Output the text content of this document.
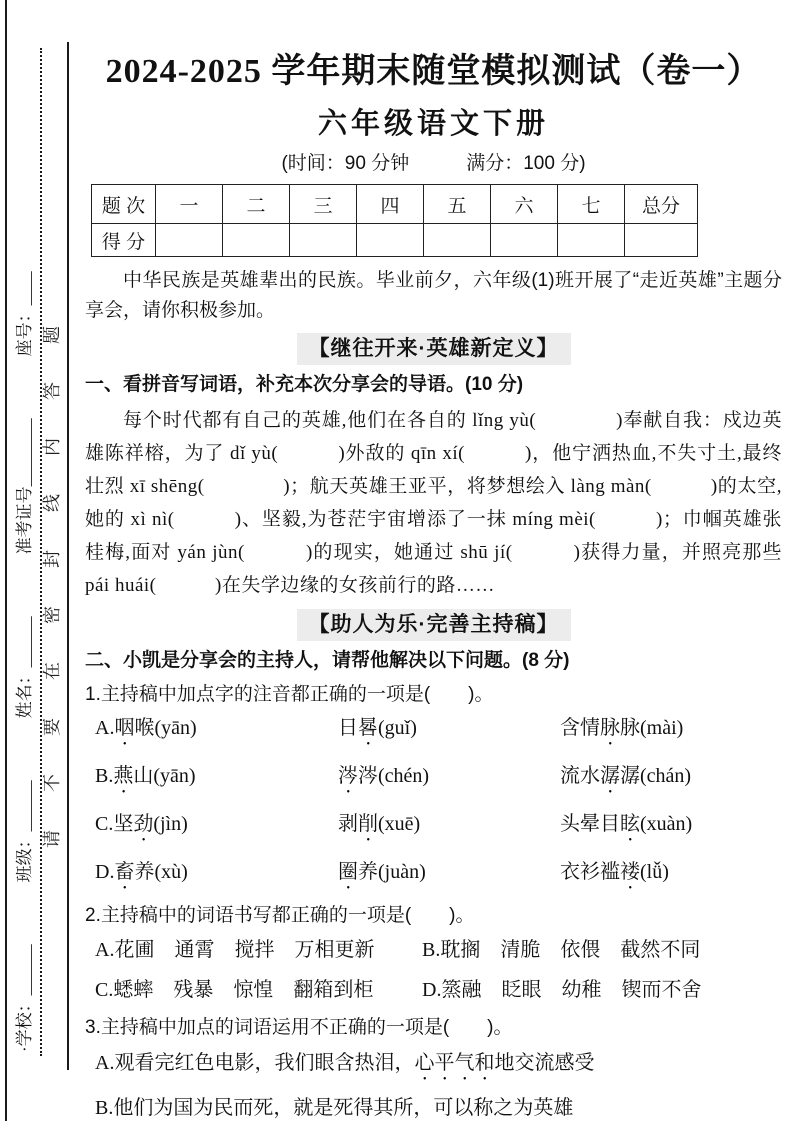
·学校：______
班级：______
姓名：______
准考证号________
座号：____ 请不要在密封线内答题
2024-2025 学年期末随堂模拟测试（卷一）
六年级语文下册
(时间：90 分钟　　　满分：100 分)
题 次	一	二	三	四	五	六	七	总分
得 分								
中华民族是英雄辈出的民族。毕业前夕，六年级(1)班开展了“走近英雄”主题分享会，请你积极参加。
【继往开来·英雄新定义】
一、看拼音写词语，补充本次分享会的导语。(10 分)
每个时代都有自己的英雄,他们在各自的 lǐng yù(　　　　)奉献自我：戍边英雄陈祥榕，为了 dǐ yù(　　　)外敌的 qīn xí(　　　)，他宁洒热血,不失寸土,最终壮烈 xī shēng(　　　　)；航天英雄王亚平，将梦想绘入 làng màn(　　　)的太空,她的 xì nì(　　　)、坚毅,为苍茫宇宙增添了一抹 míng mèi(　　　)；巾帼英雄张桂梅,面对 yán jùn(　　　)的现实，她通过 shū jí(　　　)获得力量，并照亮那些 pái huái(　　　)在失学边缘的女孩前行的路……
【助人为乐·完善主持稿】
二、小凯是分享会的主持人，请帮他解决以下问题。(8 分)
1.主持稿中加点字的注音都正确的一项是(　　)。
A.咽喉(yān)	日晷(guǐ)	含情脉脉(mài)
B.燕山(yān)	涔涔(chén)	流水潺潺(chán)
C.坚劲(jìn)	剥削(xuē)	头晕目眩(xuàn)
D.畜养(xù)	圈养(juàn)	衣衫褴褛(lǚ)
2.主持稿中的词语书写都正确的一项是(　　)。
A.花圃　通霄　搅拌　万相更新	B.耽搁　清脆　依偎　截然不同
C.蟋蟀　残暴　惊惶　翻箱到柜	D.篜融　眨眼　幼稚　锲而不舍
3.主持稿中加点的词语运用不正确的一项是(　　)。
A.观看完红色电影，我们眼含热泪，心平气和地交流感受
B.他们为国为民而死，就是死得其所，可以称之为英雄
